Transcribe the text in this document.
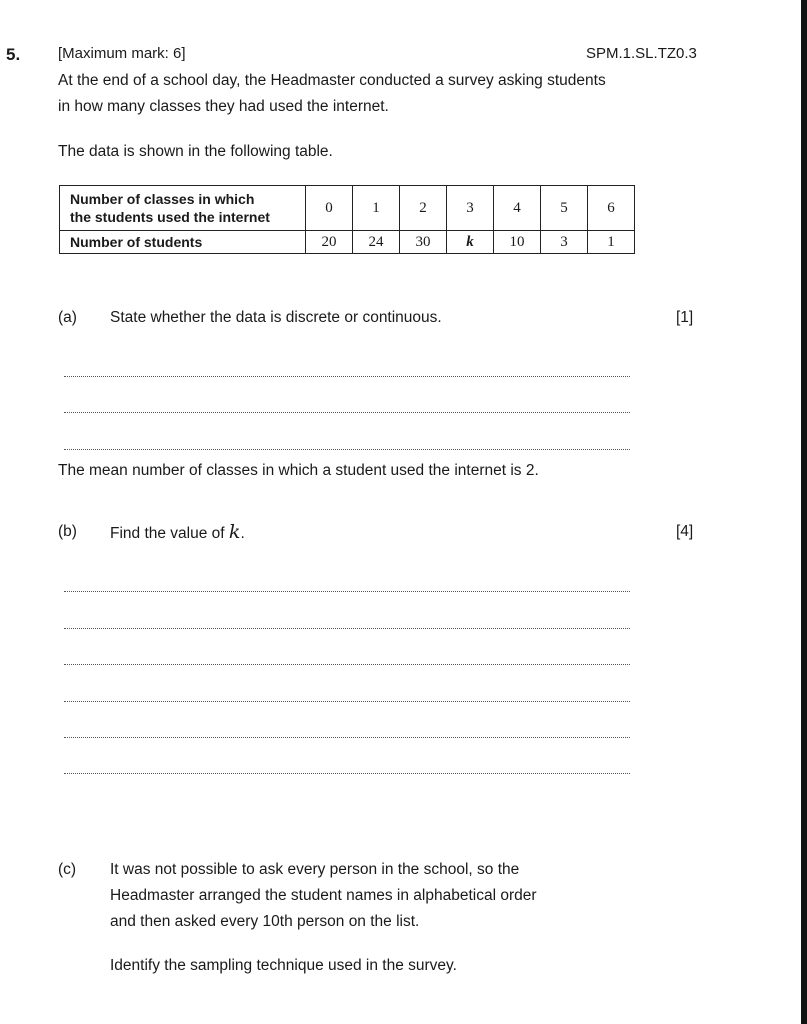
5.	[Maximum mark: 6]	SPM.1.SL.TZ0.3
At the end of a school day, the Headmaster conducted a survey asking students
in how many classes they had used the internet.
The data is shown in the following table.
Number of classes in which
the students used the internet	0	1	2	3	4	5	6
Number of students	20	24	30	k	10	3	1
(a) State whether the data is discrete or continuous.	[1]
The mean number of classes in which a student used the internet is 2.
(b) Find the value of k.	[4]
(c) It was not possible to ask every person in the school, so the
Headmaster arranged the student names in alphabetical order
and then asked every 10th person on the list.
Identify the sampling technique used in the survey.
